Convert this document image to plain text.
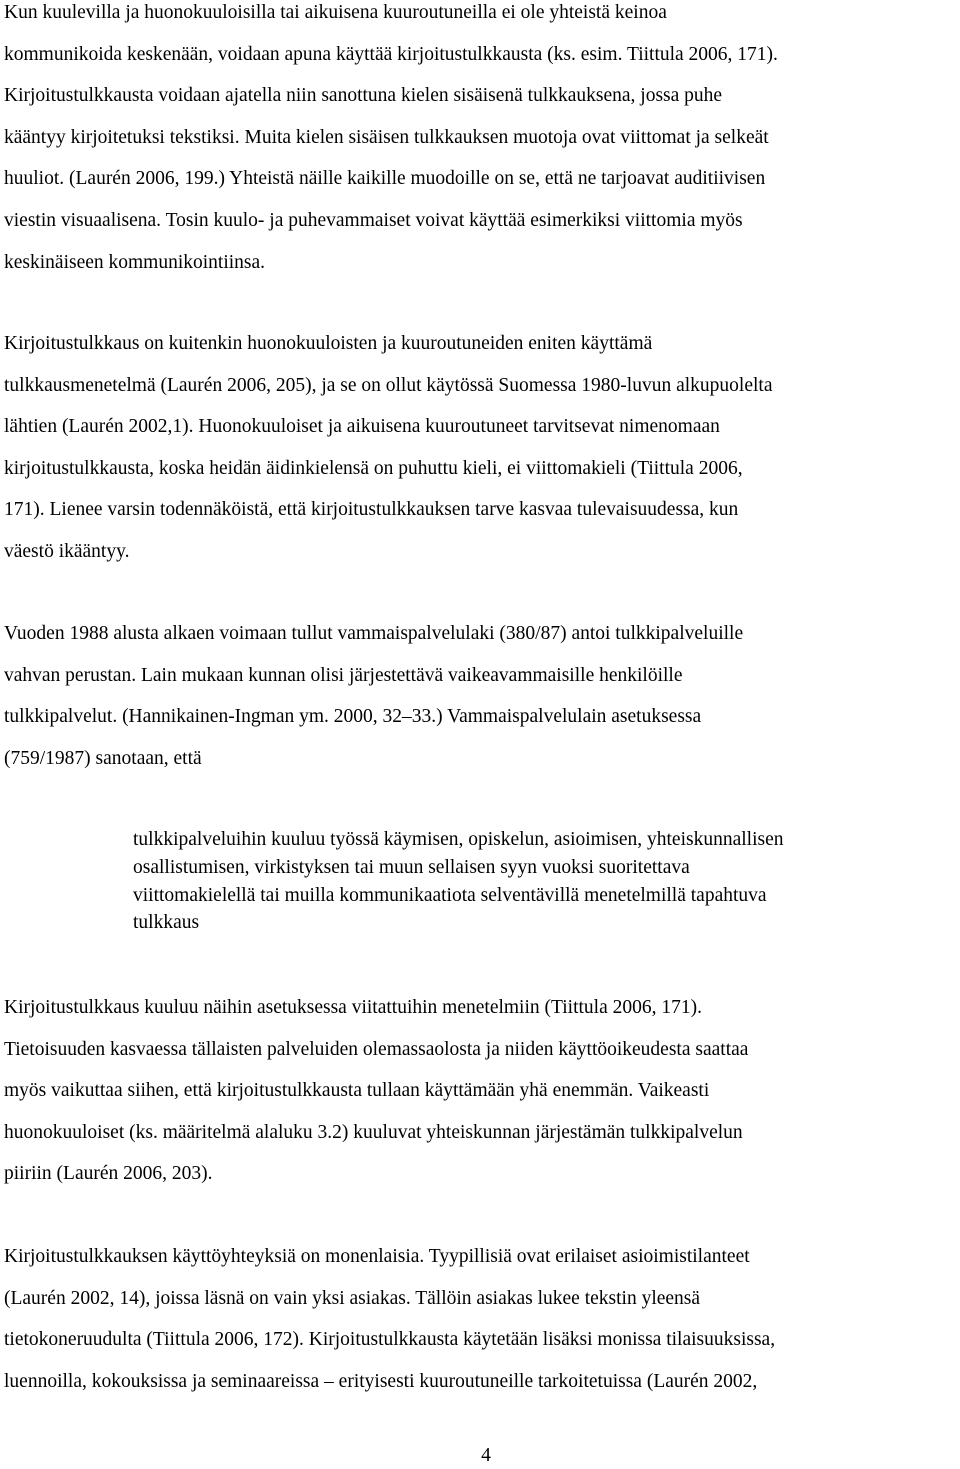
Kun kuulevilla ja huonokuuloisilla tai aikuisena kuuroutuneilla ei ole yhteistä keinoa
kommunikoida keskenään, voidaan apuna käyttää kirjoitustulkkausta (ks. esim. Tiittula 2006, 171).
Kirjoitustulkkausta voidaan ajatella niin sanottuna kielen sisäisenä tulkkauksena, jossa puhe
kääntyy kirjoitetuksi tekstiksi. Muita kielen sisäisen tulkkauksen muotoja ovat viittomat ja selkeät
huuliot. (Laurén 2006, 199.) Yhteistä näille kaikille muodoille on se, että ne tarjoavat auditiivisen
viestin visuaalisena. Tosin kuulo- ja puhevammaiset voivat käyttää esimerkiksi viittomia myös
keskinäiseen kommunikointiinsa.

Kirjoitustulkkaus on kuitenkin huonokuuloisten ja kuuroutuneiden eniten käyttämä
tulkkausmenetelmä (Laurén 2006, 205), ja se on ollut käytössä Suomessa 1980-luvun alkupuolelta
lähtien (Laurén 2002,1). Huonokuuloiset ja aikuisena kuuroutuneet tarvitsevat nimenomaan
kirjoitustulkkausta, koska heidän äidinkielensä on puhuttu kieli, ei viittomakieli (Tiittula 2006,
171). Lienee varsin todennäköistä, että kirjoitustulkkauksen tarve kasvaa tulevaisuudessa, kun
väestö ikääntyy.

Vuoden 1988 alusta alkaen voimaan tullut vammaispalvelulaki (380/87) antoi tulkkipalveluille
vahvan perustan. Lain mukaan kunnan olisi järjestettävä vaikeavammaisille henkilöille
tulkkipalvelut. (Hannikainen-Ingman ym. 2000, 32–33.) Vammaispalvelulain asetuksessa
(759/1987) sanotaan, että

tulkkipalveluihin kuuluu työssä käymisen, opiskelun, asioimisen, yhteiskunnallisen
osallistumisen, virkistyksen tai muun sellaisen syyn vuoksi suoritettava
viittomakielellä tai muilla kommunikaatiota selventävillä menetelmillä tapahtuva
tulkkaus

Kirjoitustulkkaus kuuluu näihin asetuksessa viitattuihin menetelmiin (Tiittula 2006, 171).
Tietoisuuden kasvaessa tällaisten palveluiden olemassaolosta ja niiden käyttöoikeudesta saattaa
myös vaikuttaa siihen, että kirjoitustulkkausta tullaan käyttämään yhä enemmän. Vaikeasti
huonokuuloiset (ks. määritelmä alaluku 3.2) kuuluvat yhteiskunnan järjestämän tulkkipalvelun
piiriin (Laurén 2006, 203).

Kirjoitustulkkauksen käyttöyhteyksiä on monenlaisia. Tyypillisiä ovat erilaiset asioimistilanteet
(Laurén 2002, 14), joissa läsnä on vain yksi asiakas. Tällöin asiakas lukee tekstin yleensä
tietokoneruudulta (Tiittula 2006, 172). Kirjoitustulkkausta käytetään lisäksi monissa tilaisuuksissa,
luennoilla, kokouksissa ja seminaareissa – erityisesti kuuroutuneille tarkoitetuissa (Laurén 2002,

4
